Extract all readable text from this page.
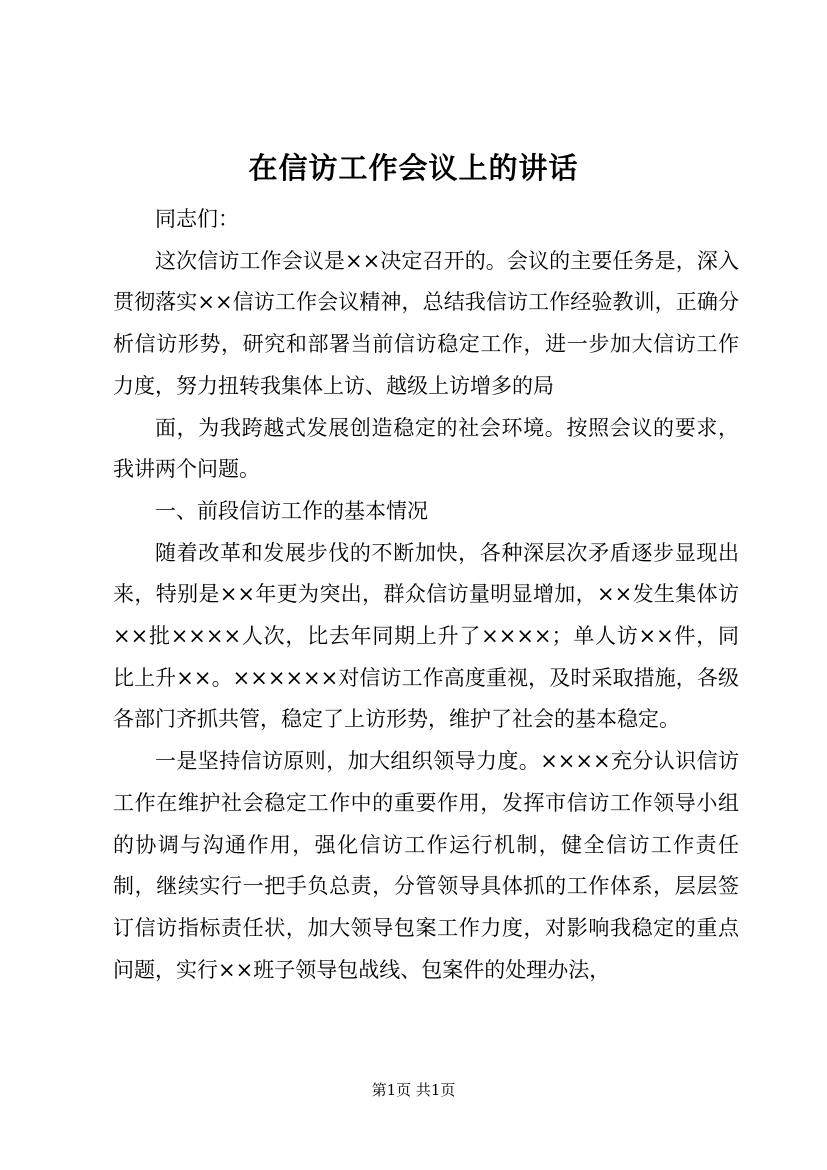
在信访工作会议上的讲话

同志们：

这次信访工作会议是××决定召开的。会议的主要任务是，深入贯彻落实××信访工作会议精神，总结我信访工作经验教训，正确分析信访形势，研究和部署当前信访稳定工作，进一步加大信访工作力度，努力扭转我集体上访、越级上访增多的局

面，为我跨越式发展创造稳定的社会环境。按照会议的要求，我讲两个问题。

一、前段信访工作的基本情况

随着改革和发展步伐的不断加快，各种深层次矛盾逐步显现出来，特别是××年更为突出，群众信访量明显增加，××发生集体访××批××××人次，比去年同期上升了××××；单人访××件，同比上升××。××××××对信访工作高度重视，及时采取措施，各级各部门齐抓共管，稳定了上访形势，维护了社会的基本稳定。

一是坚持信访原则，加大组织领导力度。××××充分认识信访工作在维护社会稳定工作中的重要作用，发挥市信访工作领导小组的协调与沟通作用，强化信访工作运行机制，健全信访工作责任制，继续实行一把手负总责，分管领导具体抓的工作体系，层层签订信访指标责任状，加大领导包案工作力度，对影响我稳定的重点问题，实行××班子领导包战线、包案件的处理办法，

第1页 共1页
